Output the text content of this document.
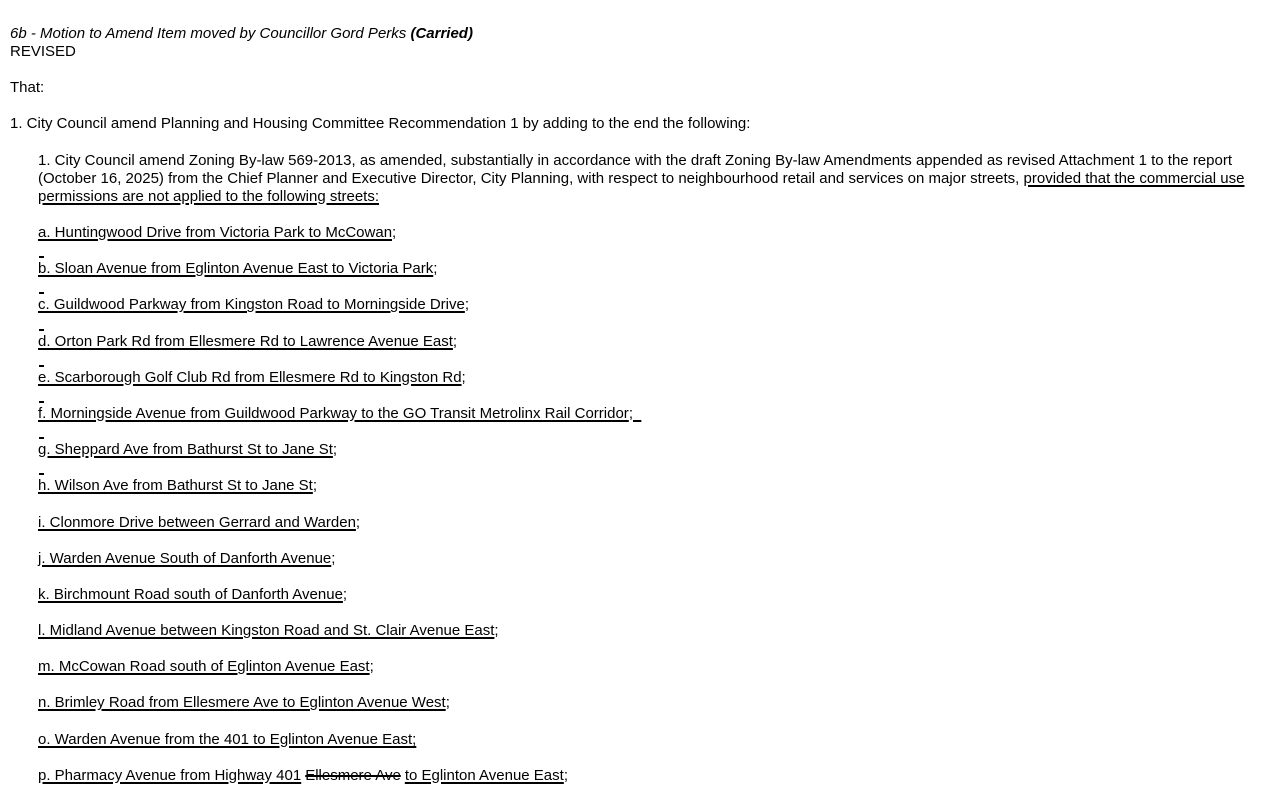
6b - Motion to Amend Item moved by Councillor Gord Perks (Carried)
REVISED

That:

1. City Council amend Planning and Housing Committee Recommendation 1 by adding to the end the following:

1. City Council amend Zoning By-law 569-2013, as amended, substantially in accordance with the draft Zoning By-law Amendments appended as revised Attachment 1 to the report (October 16, 2025) from the Chief Planner and Executive Director, City Planning, with respect to neighbourhood retail and services on major streets, provided that the commercial use permissions are not applied to the following streets:

a. Huntingwood Drive from Victoria Park to McCowan;

b. Sloan Avenue from Eglinton Avenue East to Victoria Park;

c. Guildwood Parkway from Kingston Road to Morningside Drive;

d. Orton Park Rd from Ellesmere Rd to Lawrence Avenue East;

e. Scarborough Golf Club Rd from Ellesmere Rd to Kingston Rd;

f. Morningside Avenue from Guildwood Parkway to the GO Transit Metrolinx Rail Corridor;

g. Sheppard Ave from Bathurst St to Jane St;

h. Wilson Ave from Bathurst St to Jane St;

i. Clonmore Drive between Gerrard and Warden;

j. Warden Avenue South of Danforth Avenue;

k. Birchmount Road south of Danforth Avenue;

l. Midland Avenue between Kingston Road and St. Clair Avenue East;

m. McCowan Road south of Eglinton Avenue East;

n. Brimley Road from Ellesmere Ave to Eglinton Avenue West;

o. Warden Avenue from the 401 to Eglinton Avenue East;

p. Pharmacy Avenue from Highway 401 Ellesmere Ave to Eglinton Avenue East;
